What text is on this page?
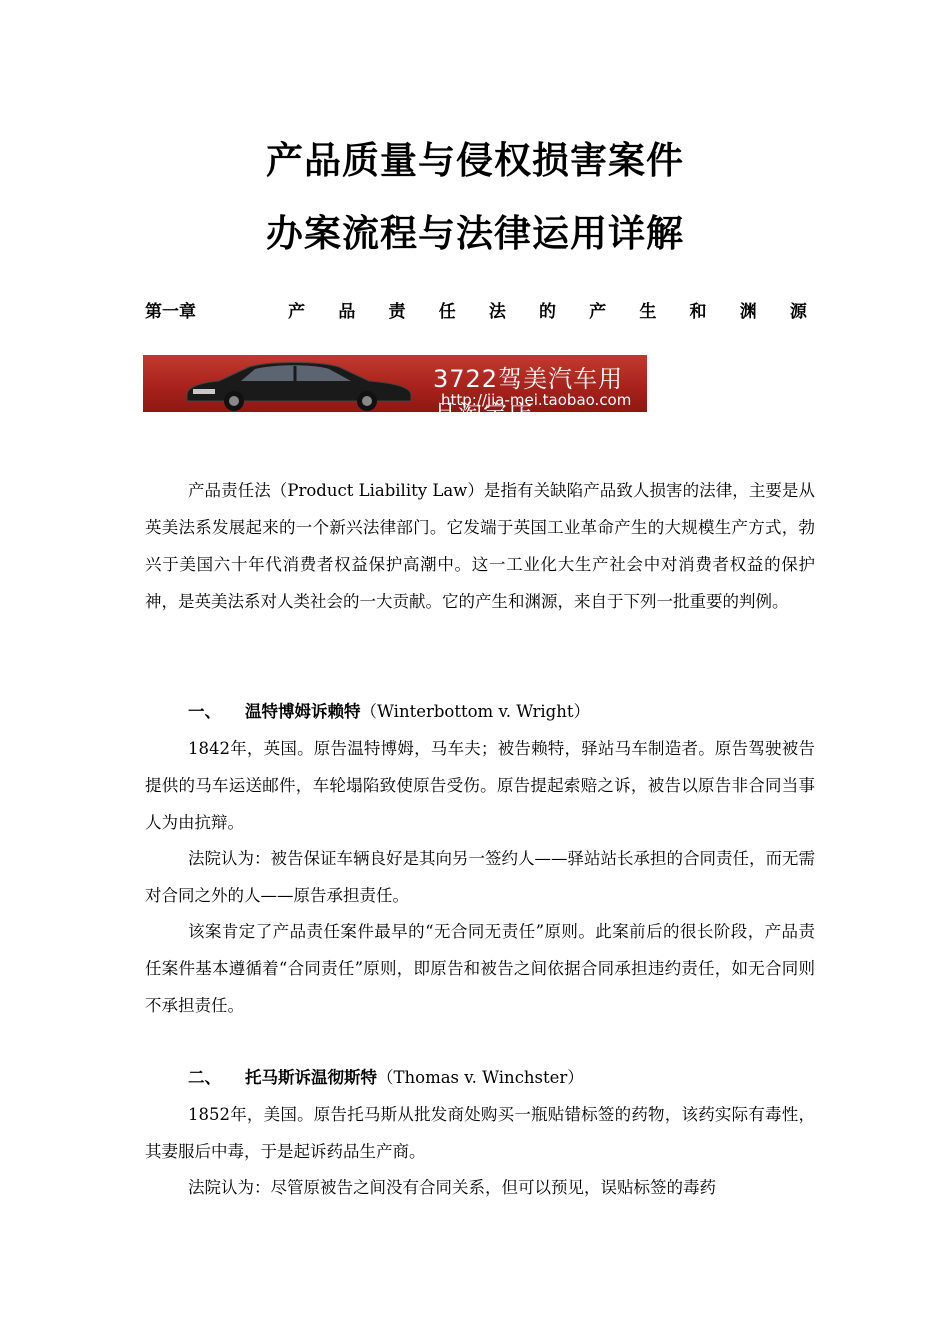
产品质量与侵权损害案件
办案流程与法律运用详解
第一章	产 品 责 任 法 的 产 生 和 渊 源
3722驾美汽车用品淘宝店
http://jia-mei.taobao.com

产品责任法（Product Liability Law）是指有关缺陷产品致人损害的法律，主要是从英美法系发展起来的一个新兴法律部门。它发端于英国工业革命产生的大规模生产方式，勃兴于美国六十年代消费者权益保护高潮中。这一工业化大生产社会中对消费者权益的保护神，是英美法系对人类社会的一大贡献。它的产生和渊源，来自于下列一批重要的判例。

一、 温特博姆诉赖特（Winterbottom v. Wright）

1842年，英国。原告温特博姆，马车夫；被告赖特，驿站马车制造者。原告驾驶被告提供的马车运送邮件，车轮塌陷致使原告受伤。原告提起索赔之诉，被告以原告非合同当事人为由抗辩。

法院认为：被告保证车辆良好是其向另一签约人——驿站站长承担的合同责任，而无需对合同之外的人——原告承担责任。

该案肯定了产品责任案件最早的“无合同无责任”原则。此案前后的很长阶段，产品责任案件基本遵循着“合同责任”原则，即原告和被告之间依据合同承担违约责任，如无合同则不承担责任。

二、 托马斯诉温彻斯特（Thomas v. Winchster）

1852年，美国。原告托马斯从批发商处购买一瓶贴错标签的药物，该药实际有毒性，其妻服后中毒，于是起诉药品生产商。

法院认为：尽管原被告之间没有合同关系，但可以预见，误贴标签的毒药
